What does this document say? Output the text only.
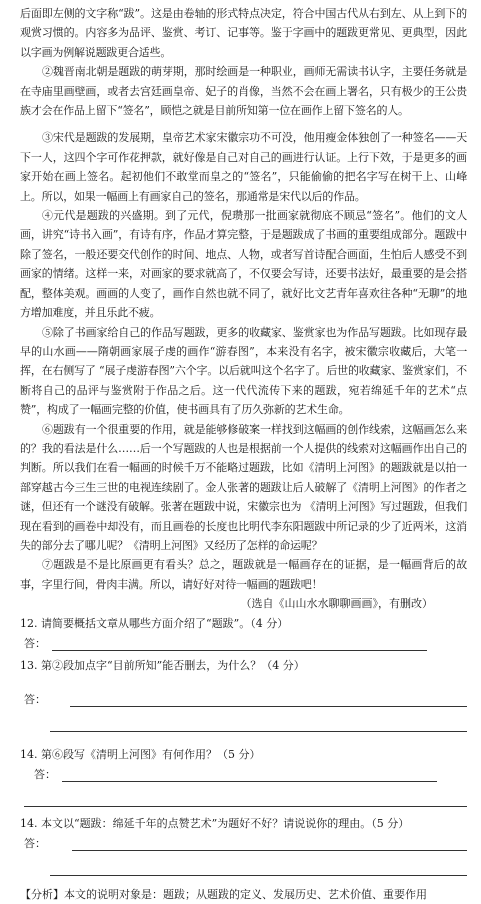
后面即左侧的文字称“跋”。这是由卷轴的形式特点决定，符合中国古代从右到左、从上到下的观赏习惯的。内容多为品评、鉴赏、考订、记事等。鉴于字画中的题跋更常见、更典型，因此以字画为例解说题跋更合适些。

②魏晋南北朝是题跋的萌芽期，那时绘画是一种职业，画师无需读书认字，主要任务就是在寺庙里画壁画，或者去宫廷画皇帝、妃子的肖像，当然不会在画上署名，只有极少的王公贵族才会在作品上留下“签名”，顾恺之就是目前所知第一位在画作上留下签名的人。

③宋代是题跋的发展期，皇帝艺术家宋徽宗功不可没，他用瘦金体独创了一种签名——天下一人，这四个字可作花押款，就好像是自己对自己的画进行认证。上行下效，于是更多的画家开始在画上签名。起初他们不敢堂而皇之的“签名”，只能偷偷的把名字写在树干上、山峰上。所以，如果一幅画上有画家自己的签名，那通常是宋代以后的作品。

④元代是题跋的兴盛期。到了元代，倪瓒那一批画家就彻底不顾忌“签名”。他们的文人画，讲究“诗书入画”，有诗有序，作品才算完整，于是题跋成了书画的重要组成部分。题跋中除了签名，一般还要交代创作的时间、地点、人物，或者写首诗配合画面，生怕后人感受不到画家的情绪。这样一来，对画家的要求就高了，不仅要会写诗，还要书法好，最重要的是会搭配，整体美观。画画的人变了，画作自然也就不同了，就好比文艺青年喜欢往各种“无聊”的地方增加难度，并且乐此不疲。

⑤除了书画家给自己的作品写题跋，更多的收藏家、鉴赏家也为作品写题跋。比如现存最早的山水画——隋朝画家展子虔的画作“游春图”，本来没有名字，被宋徽宗收藏后，大笔一挥，在右侧写了 “展子虔游春图”六个字。以后就叫这个名字了。后世的收藏家、鉴赏家们，不断将自己的品评与鉴赏附于作品之后。这一代代流传下来的题跋，宛若绵延千年的艺术“点赞”，构成了一幅画完整的价值，使书画具有了历久弥新的艺术生命。

⑥题跋有一个很重要的作用，就是能够修破案一样找到这幅画的创作线索，这幅画怎么来的？我的看法是什么……后一个写题跋的人也是根据前一个人提供的线索对这幅画作出自己的判断。所以我们在看一幅画的时候千万不能略过题跋，比如《清明上河图》的题跋就是以拍一部穿越古今三生三世的电视连续剧了。金人张著的题跋让后人破解了《清明上河图》的作者之谜，但还有一个谜没有破解。张著在题跋中说，宋徽宗也为 《清明上河图》写过题跋，但我们现在看到的画卷中却没有，而且画卷的长度也比明代李东阳题跋中所记录的少了近两米，这消失的部分去了哪儿呢？《清明上河图》又经历了怎样的命运呢？

⑦题跋是不是比原画更有看头？总之，题跋就是一幅画存在的证据，是一幅画背后的故事，字里行间，骨肉丰满。所以，请好好对待一幅画的题跋吧！

（选自《山山水水聊聊画画》，有删改）

12. 请简要概括文章从哪些方面介绍了“题跋”。（4 分）

答：

13. 第②段加点字“目前所知”能否删去，为什么？（4 分）

答：

14. 第⑥段写《清明上河图》有何作用？（5 分）

答：

14. 本文以“题跋：绵延千年的点赞艺术”为题好不好？请说说你的理由。（5 分）

答：

【分析】本文的说明对象是：题跋；从题跋的定义、发展历史、艺术价值、重要作用
